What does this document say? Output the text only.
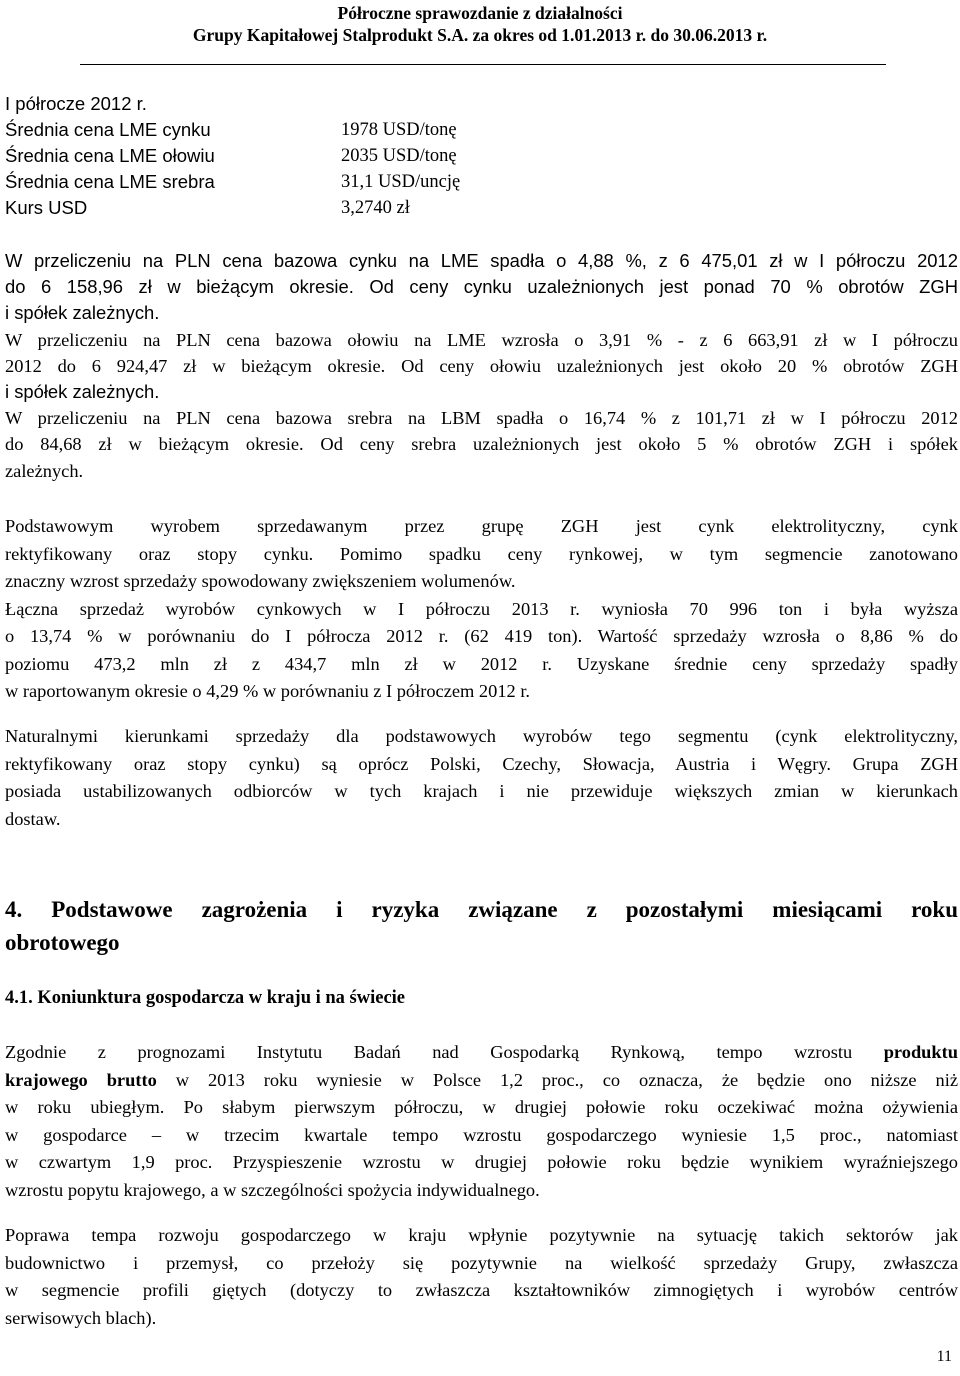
Półroczne sprawozdanie z działalności
Grupy Kapitałowej Stalprodukt S.A. za okres od 1.01.2013 r. do 30.06.2013 r.
I półrocze 2012 r.
Średnia cena LME cynku	1978 USD/tonę
Średnia cena LME ołowiu	2035 USD/tonę
Średnia cena LME srebra	31,1 USD/uncję
Kurs USD	3,2740 zł
W przeliczeniu na PLN cena bazowa cynku na LME spadła o 4,88 %, z 6 475,01 zł w I półroczu 2012
do 6 158,96 zł w bieżącym okresie. Od ceny cynku uzależnionych jest ponad 70 % obrotów ZGH
i spółek zależnych.
W przeliczeniu na PLN cena bazowa ołowiu na LME wzrosła o 3,91 % - z 6 663,91 zł w I półroczu
2012 do 6 924,47 zł w bieżącym okresie. Od ceny ołowiu uzależnionych jest około 20 % obrotów ZGH
i spółek zależnych.
W przeliczeniu na PLN cena bazowa srebra na LBM spadła o 16,74 % z 101,71 zł w I półroczu 2012
do 84,68 zł w bieżącym okresie. Od ceny srebra uzależnionych jest około 5 % obrotów ZGH i spółek
zależnych.
Podstawowym wyrobem sprzedawanym przez grupę ZGH jest cynk elektrolityczny, cynk
rektyfikowany oraz stopy cynku. Pomimo spadku ceny rynkowej, w tym segmencie zanotowano
znaczny wzrost sprzedaży spowodowany zwiększeniem wolumenów.
Łączna sprzedaż wyrobów cynkowych w I półroczu 2013 r. wyniosła 70 996 ton i była wyższa
o 13,74 % w porównaniu do I półrocza 2012 r. (62 419 ton). Wartość sprzedaży wzrosła o 8,86 % do
poziomu 473,2 mln zł z 434,7 mln zł w 2012 r. Uzyskane średnie ceny sprzedaży spadły
w raportowanym okresie o 4,29 % w porównaniu z I półroczem 2012 r.
Naturalnymi kierunkami sprzedaży dla podstawowych wyrobów tego segmentu (cynk elektrolityczny,
rektyfikowany oraz stopy cynku) są oprócz Polski, Czechy, Słowacja, Austria i Węgry. Grupa ZGH
posiada ustabilizowanych odbiorców w tych krajach i nie przewiduje większych zmian w kierunkach
dostaw.
4. Podstawowe zagrożenia i ryzyka związane z pozostałymi miesiącami roku
obrotowego
4.1. Koniunktura gospodarcza w kraju i na świecie
Zgodnie z prognozami Instytutu Badań nad Gospodarką Rynkową, tempo wzrostu produktu
krajowego brutto w 2013 roku wyniesie w Polsce 1,2 proc., co oznacza, że będzie ono niższe niż
w roku ubiegłym. Po słabym pierwszym półroczu, w drugiej połowie roku oczekiwać można ożywienia
w gospodarce – w trzecim kwartale tempo wzrostu gospodarczego wyniesie 1,5 proc., natomiast
w czwartym 1,9 proc. Przyspieszenie wzrostu w drugiej połowie roku będzie wynikiem wyraźniejszego
wzrostu popytu krajowego, a w szczególności spożycia indywidualnego.
Poprawa tempa rozwoju gospodarczego w kraju wpłynie pozytywnie na sytuację takich sektorów jak
budownictwo i przemysł, co przełoży się pozytywnie na wielkość sprzedaży Grupy, zwłaszcza
w segmencie profili giętych (dotyczy to zwłaszcza kształtowników zimnogiętych i wyrobów centrów
serwisowych blach).
11
